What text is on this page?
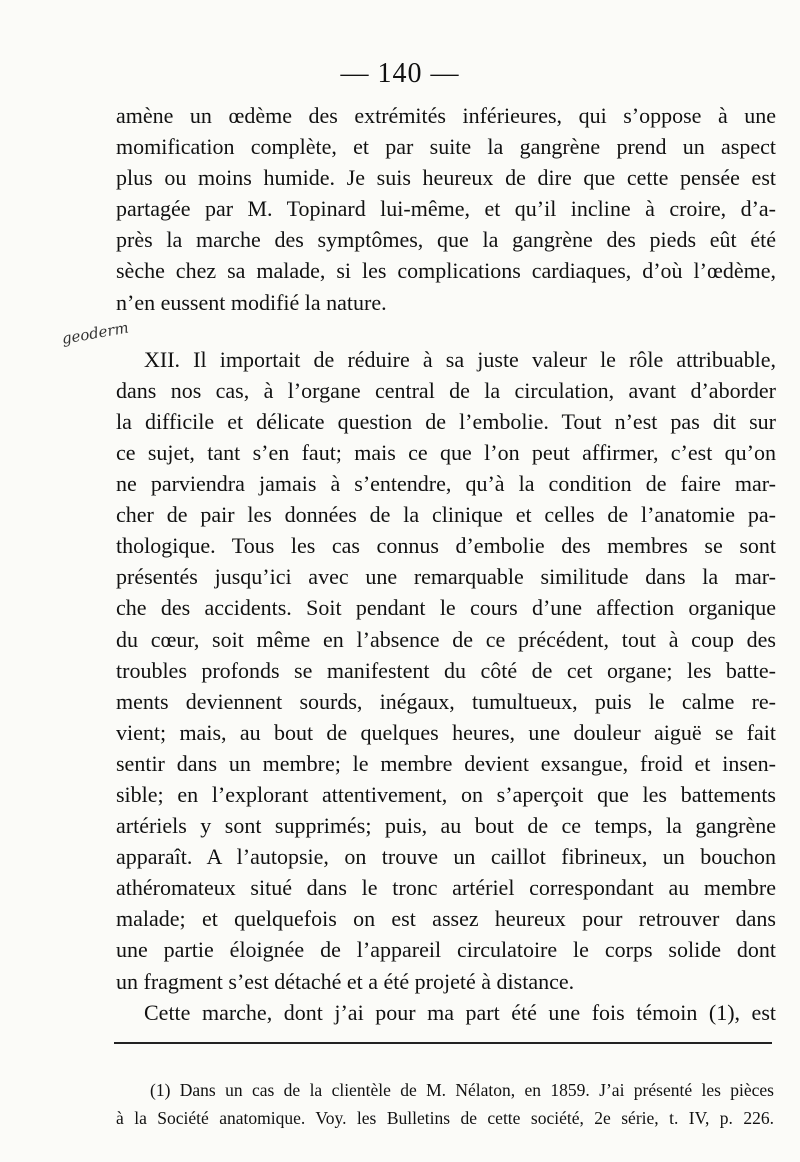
— 140 —
geoderm
amène un œdème des extrémités inférieures, qui s’oppose à une
momification complète, et par suite la gangrène prend un aspect
plus ou moins humide. Je suis heureux de dire que cette pensée est
partagée par M. Topinard lui-même, et qu’il incline à croire, d’a-
près la marche des symptômes, que la gangrène des pieds eût été
sèche chez sa malade, si les complications cardiaques, d’où l’œdème,
n’en eussent modifié la nature.
XII. Il importait de réduire à sa juste valeur le rôle attribuable,
dans nos cas, à l’organe central de la circulation, avant d’aborder
la difficile et délicate question de l’embolie. Tout n’est pas dit sur
ce sujet, tant s’en faut; mais ce que l’on peut affirmer, c’est qu’on
ne parviendra jamais à s’entendre, qu’à la condition de faire mar-
cher de pair les données de la clinique et celles de l’anatomie pa-
thologique. Tous les cas connus d’embolie des membres se sont
présentés jusqu’ici avec une remarquable similitude dans la mar-
che des accidents. Soit pendant le cours d’une affection organique
du cœur, soit même en l’absence de ce précédent, tout à coup des
troubles profonds se manifestent du côté de cet organe; les batte-
ments deviennent sourds, inégaux, tumultueux, puis le calme re-
vient; mais, au bout de quelques heures, une douleur aiguë se fait
sentir dans un membre; le membre devient exsangue, froid et insen-
sible; en l’explorant attentivement, on s’aperçoit que les battements
artériels y sont supprimés; puis, au bout de ce temps, la gangrène
apparaît. A l’autopsie, on trouve un caillot fibrineux, un bouchon
athéromateux situé dans le tronc artériel correspondant au membre
malade; et quelquefois on est assez heureux pour retrouver dans
une partie éloignée de l’appareil circulatoire le corps solide dont
un fragment s’est détaché et a été projeté à distance.
Cette marche, dont j’ai pour ma part été une fois témoin (1), est
(1) Dans un cas de la clientèle de M. Nélaton, en 1859. J’ai présenté les pièces
à la Société anatomique. Voy. les Bulletins de cette société, 2e série, t. IV, p. 226.
